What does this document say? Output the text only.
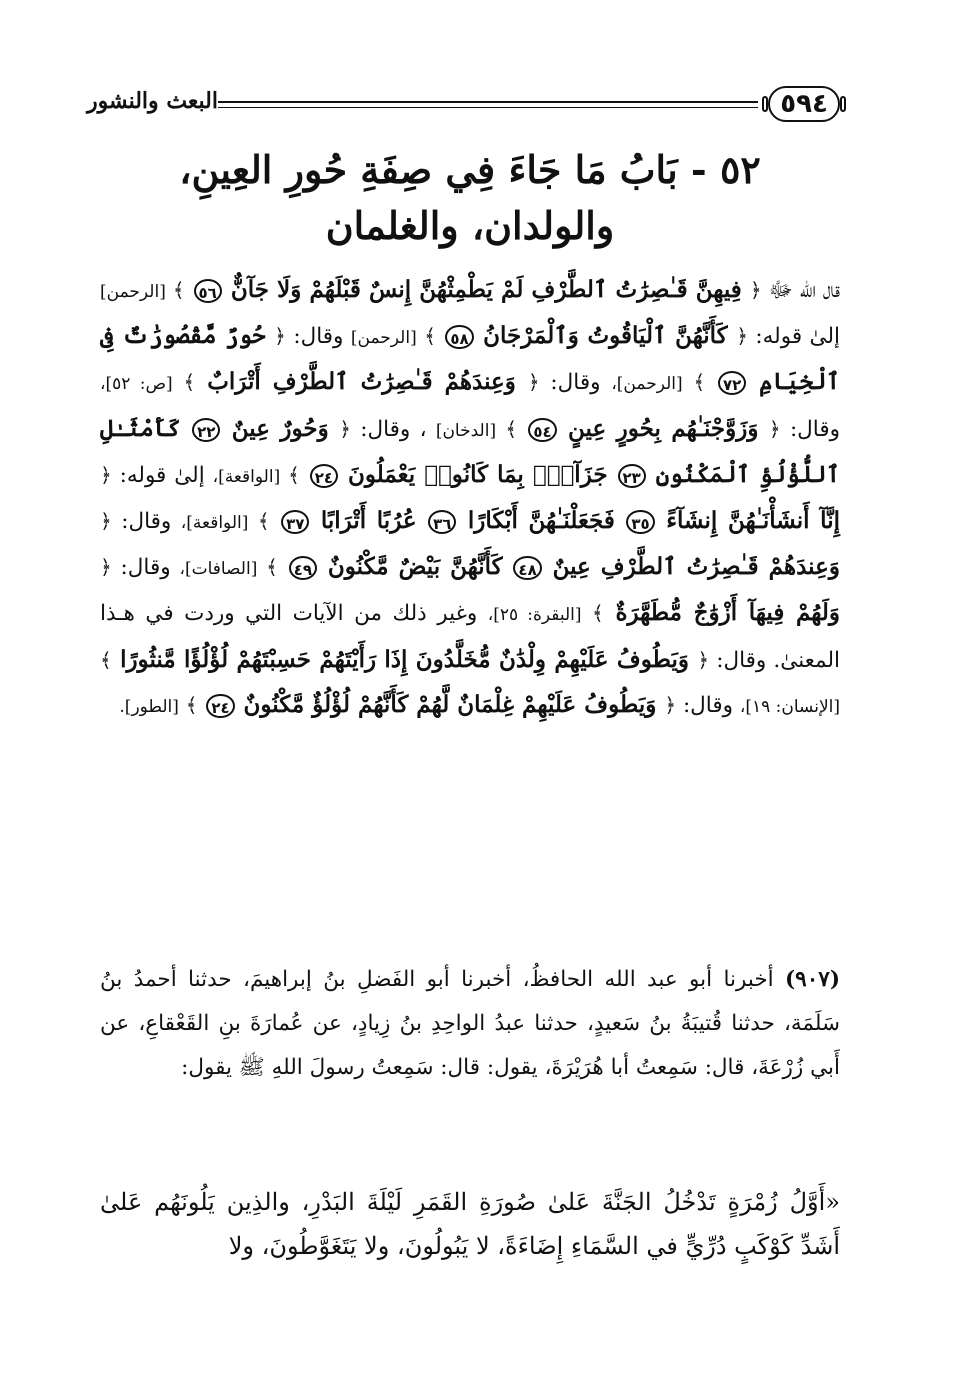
٥٩٤
البعث والنشور
٥٢ - بَابُ مَا جَاءَ فِي صِفَةِ حُورِ العِينِ،
والولدان، والغلمان
قال الله ﷻ ﴿ فِيهِنَّ قَـٰصِرَٰتُ ٱلطَّرْفِ لَمْ يَطْمِثْهُنَّ إِنسٌ قَبْلَهُمْ وَلَا جَآنٌّ ٥٦ ﴾ [الرحمن] إلىٰ قوله: ﴿ كَأَنَّهُنَّ ٱلْيَاقُوتُ وَٱلْمَرْجَانُ ٥٨ ﴾ [الرحمن] وقال: ﴿ حُورٌ مَّقْصُورَٰتٌ فِى ٱلْخِيَامِ ٧٢ ﴾ [الرحمن]، وقال: ﴿ وَعِندَهُمْ قَـٰصِرَٰتُ ٱلطَّرْفِ أَتْرَابٌ ﴾ [ص: ٥٢]، وقال: ﴿ وَزَوَّجْنَـٰهُم بِحُورٍ عِينٍ ٥٤ ﴾ [الدخان] ، وقال: ﴿ وَحُورٌ عِينٌ ٢٢ كَأَمْثَـٰلِ ٱللُّؤْلُؤِ ٱلْمَكْنُونِ ٢٣ جَزَآءًۢ بِمَا كَانُوا۟ يَعْمَلُونَ ٢٤ ﴾ [الواقعة]، إلىٰ قوله: ﴿ إِنَّآ أَنشَأْنَـٰهُنَّ إِنشَآءً ٣٥ فَجَعَلْنَـٰهُنَّ أَبْكَارًا ٣٦ عُرُبًا أَتْرَابًا ٣٧ ﴾ [الواقعة]، وقال: ﴿ وَعِندَهُمْ قَـٰصِرَٰتُ ٱلطَّرْفِ عِينٌ ٤٨ كَأَنَّهُنَّ بَيْضٌ مَّكْنُونٌ ٤٩ ﴾ [الصافات]، وقال: ﴿ وَلَهُمْ فِيهَآ أَزْوَٰجٌ مُّطَهَّرَةٌ ﴾ [البقرة: ٢٥]، وغير ذلك من الآيات التي وردت في هـذا المعنىٰ. وقال: ﴿ وَيَطُوفُ عَلَيْهِمْ وِلْدَٰنٌ مُّخَلَّدُونَ إِذَا رَأَيْتَهُمْ حَسِبْتَهُمْ لُؤْلُؤًا مَّنثُورًا ﴾ [الإنسان: ١٩]، وقال: ﴿ وَيَطُوفُ عَلَيْهِمْ غِلْمَانٌ لَّهُمْ كَأَنَّهُمْ لُؤْلُؤٌ مَّكْنُونٌ ٢٤ ﴾ [الطور].
(٩٠٧) أخبرنا أبو عبد الله الحافظُ، أخبرنا أبو الفَضلِ بنُ إبراهيمَ، حدثنا أحمدُ بنُ سَلَمَة، حدثنا قُتيبَةُ بنُ سَعيدٍ، حدثنا عبدُ الواحِدِ بنُ زِيادٍ، عن عُمارَةَ بنِ القَعْقاعِ، عن أَبي زُرْعَةَ، قال: سَمِعتُ أبا هُرَيْرَةَ، يقول: قال: سَمِعتُ رسولَ اللهِ ﷺ يقول:
«أَوَّلُ زُمْرَةٍ تَدْخُلُ الجَنَّةَ عَلىٰ صُورَةِ القَمَرِ لَيْلَةَ البَدْرِ، والذِين يَلُونَهُم عَلىٰ أَشَدِّ كَوْكَبٍ دُرِّيٍّ في السَّمَاءِ إِضَاءَةً، لا يَبُولُونَ، ولا يَتَغَوَّطُونَ، ولا
